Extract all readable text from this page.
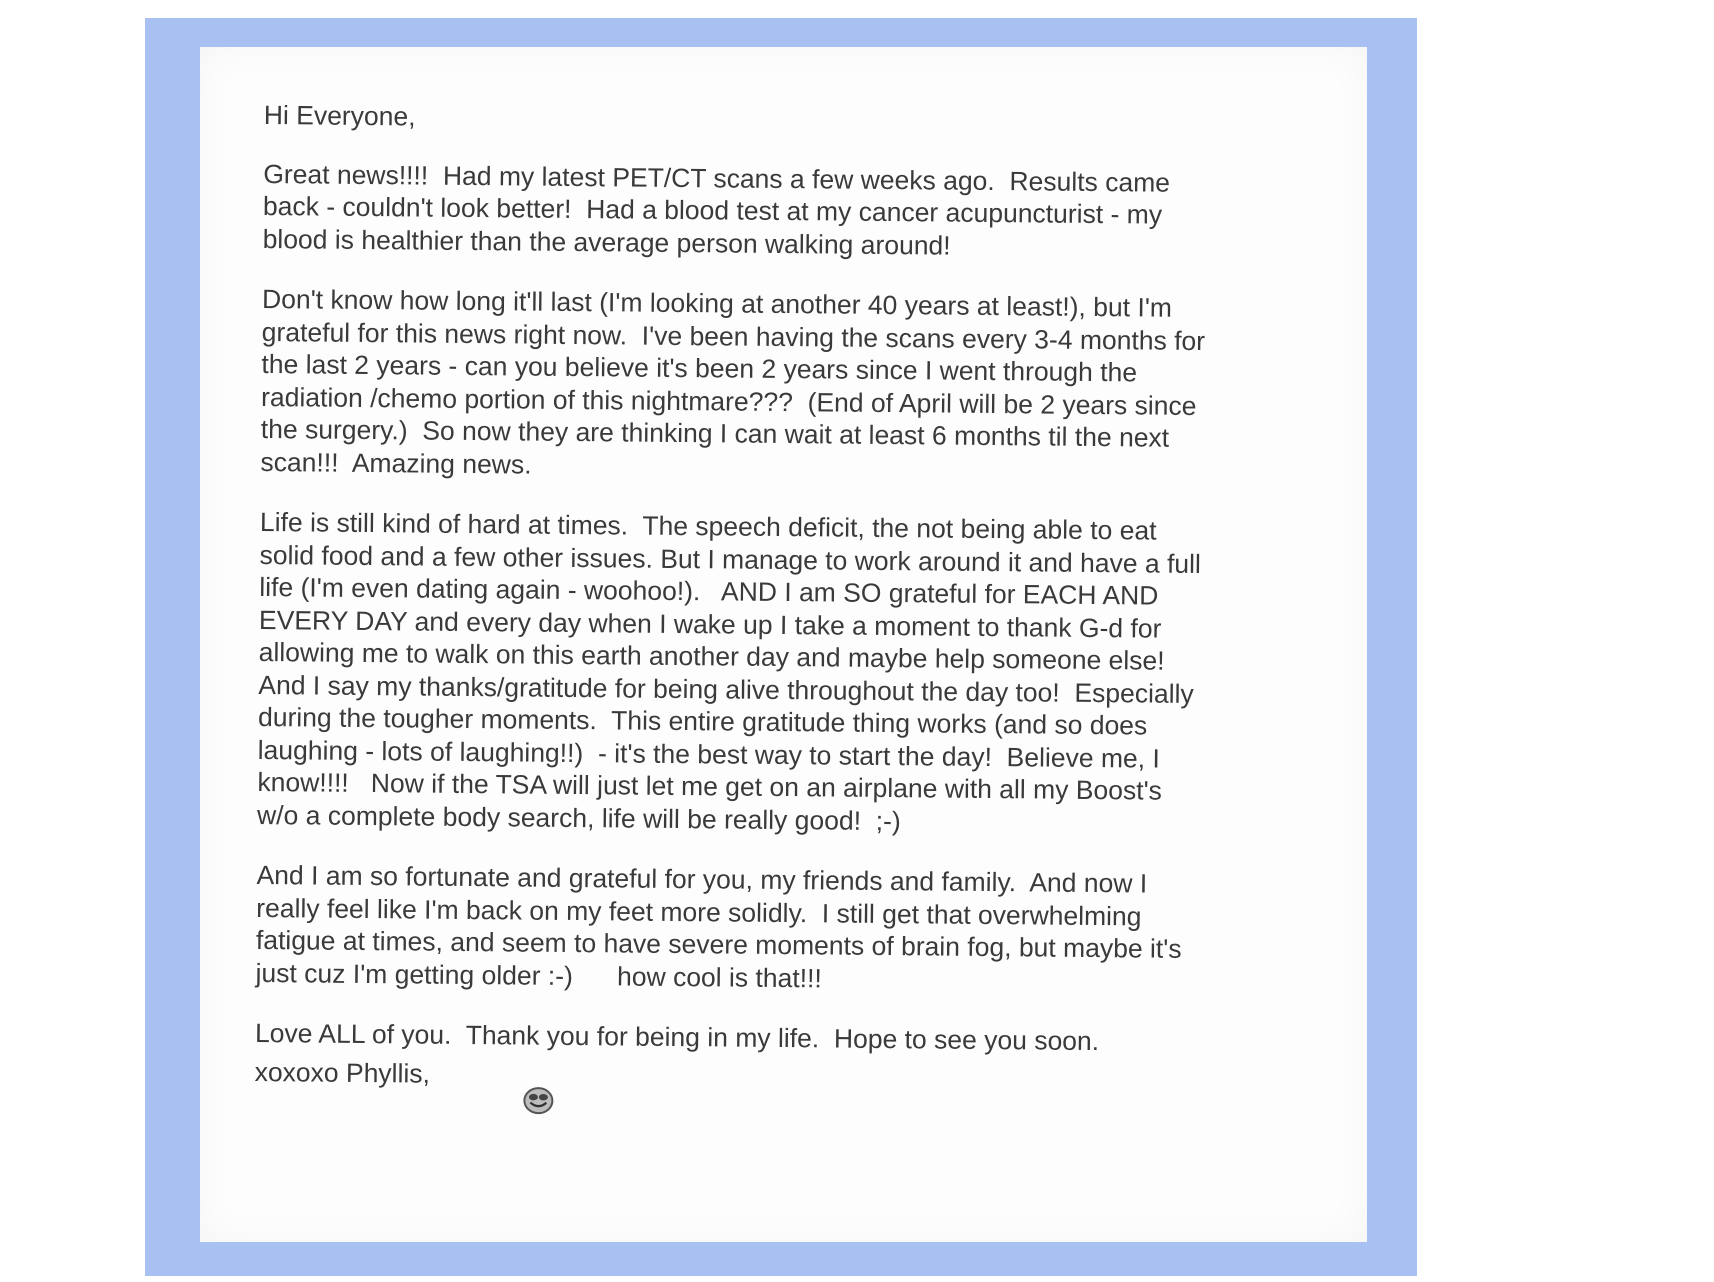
Hi Everyone,

Great news!!!!  Had my latest PET/CT scans a few weeks ago.  Results came
back - couldn't look better!  Had a blood test at my cancer acupuncturist - my
blood is healthier than the average person walking around!

Don't know how long it'll last (I'm looking at another 40 years at least!), but I'm
grateful for this news right now.  I've been having the scans every 3-4 months for
the last 2 years - can you believe it's been 2 years since I went through the
radiation /chemo portion of this nightmare???  (End of April will be 2 years since
the surgery.)  So now they are thinking I can wait at least 6 months til the next
scan!!!  Amazing news.

Life is still kind of hard at times.  The speech deficit, the not being able to eat
solid food and a few other issues. But I manage to work around it and have a full
life (I'm even dating again - woohoo!).   AND I am SO grateful for EACH AND
EVERY DAY and every day when I wake up I take a moment to thank G-d for
allowing me to walk on this earth another day and maybe help someone else!
And I say my thanks/gratitude for being alive throughout the day too!  Especially
during the tougher moments.  This entire gratitude thing works (and so does
laughing - lots of laughing!!)  - it's the best way to start the day!  Believe me, I
know!!!!   Now if the TSA will just let me get on an airplane with all my Boost's
w/o a complete body search, life will be really good!  ;-)

And I am so fortunate and grateful for you, my friends and family.  And now I
really feel like I'm back on my feet more solidly.  I still get that overwhelming
fatigue at times, and seem to have severe moments of brain fog, but maybe it's
just cuz I'm getting older :-)      how cool is that!!!

Love ALL of you.  Thank you for being in my life.  Hope to see you soon.

xoxoxo Phyllis,
